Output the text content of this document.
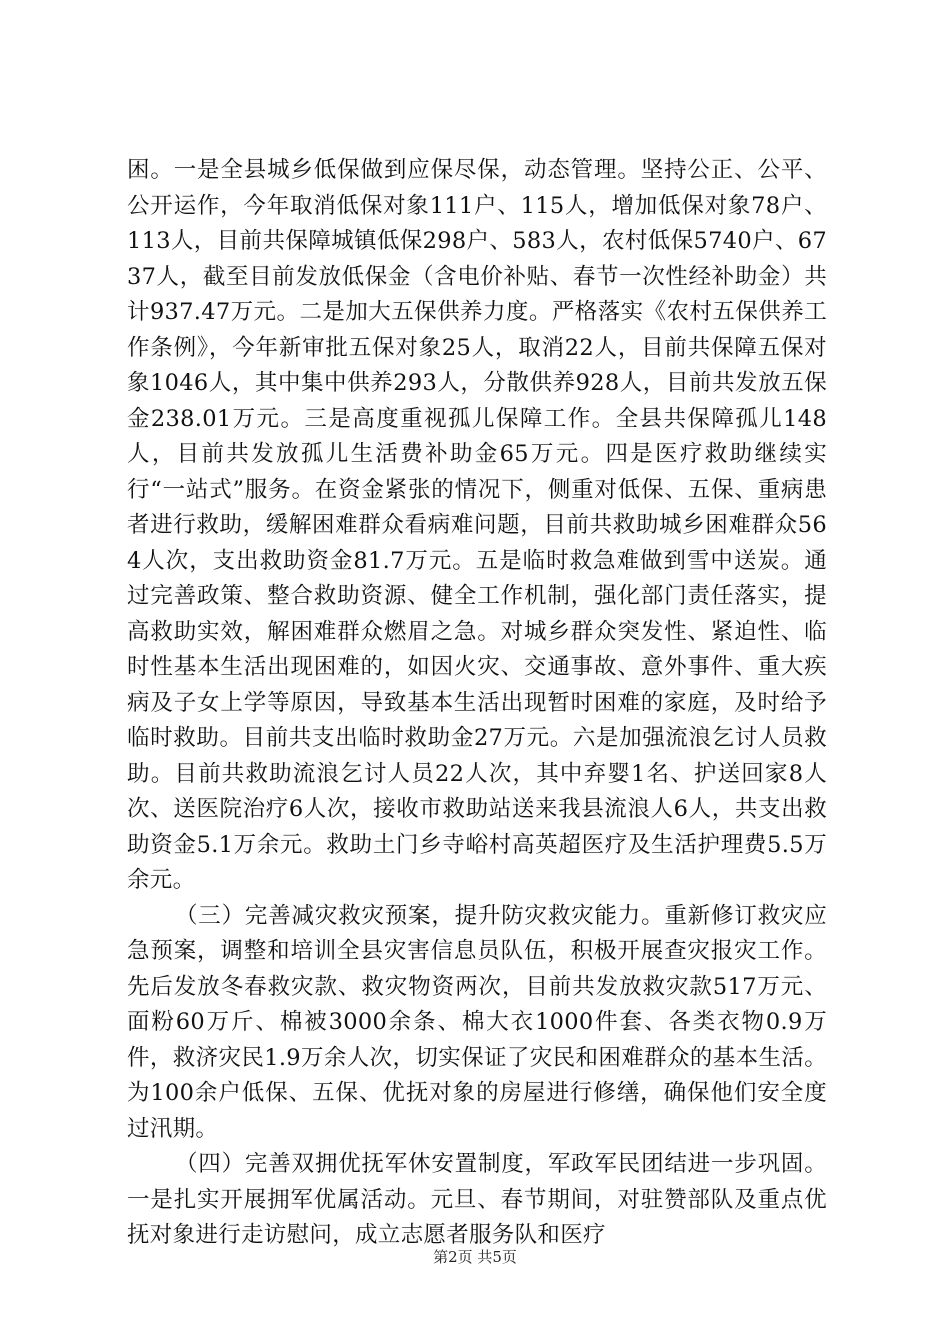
困。一是全县城乡低保做到应保尽保，动态管理。坚持公正、公平、公开运作，今年取消低保对象111户、115人，增加低保对象78户、113人，目前共保障城镇低保298户、583人，农村低保5740户、6737人，截至目前发放低保金（含电价补贴、春节一次性经补助金）共计937.47万元。二是加大五保供养力度。严格落实《农村五保供养工作条例》，今年新审批五保对象25人，取消22人，目前共保障五保对象1046人，其中集中供养293人，分散供养928人，目前共发放五保金238.01万元。三是高度重视孤儿保障工作。全县共保障孤儿148人，目前共发放孤儿生活费补助金65万元。四是医疗救助继续实行“一站式”服务。在资金紧张的情况下，侧重对低保、五保、重病患者进行救助，缓解困难群众看病难问题，目前共救助城乡困难群众564人次，支出救助资金81.7万元。五是临时救急难做到雪中送炭。通过完善政策、整合救助资源、健全工作机制，强化部门责任落实，提高救助实效，解困难群众燃眉之急。对城乡群众突发性、紧迫性、临时性基本生活出现困难的，如因火灾、交通事故、意外事件、重大疾病及子女上学等原因，导致基本生活出现暂时困难的家庭，及时给予临时救助。目前共支出临时救助金27万元。六是加强流浪乞讨人员救助。目前共救助流浪乞讨人员22人次，其中弃婴1名、护送回家8人次、送医院治疗6人次，接收市救助站送来我县流浪人6人，共支出救助资金5.1万余元。救助土门乡寺峪村高英超医疗及生活护理费5.5万余元。

（三）完善减灾救灾预案，提升防灾救灾能力。重新修订救灾应急预案，调整和培训全县灾害信息员队伍，积极开展查灾报灾工作。先后发放冬春救灾款、救灾物资两次，目前共发放救灾款517万元、面粉60万斤、棉被3000余条、棉大衣1000件套、各类衣物0.9万件，救济灾民1.9万余人次，切实保证了灾民和困难群众的基本生活。为100余户低保、五保、优抚对象的房屋进行修缮，确保他们安全度过汛期。

（四）完善双拥优抚军休安置制度，军政军民团结进一步巩固。一是扎实开展拥军优属活动。元旦、春节期间，对驻赞部队及重点优抚对象进行走访慰问，成立志愿者服务队和医疗

第2页 共5页
